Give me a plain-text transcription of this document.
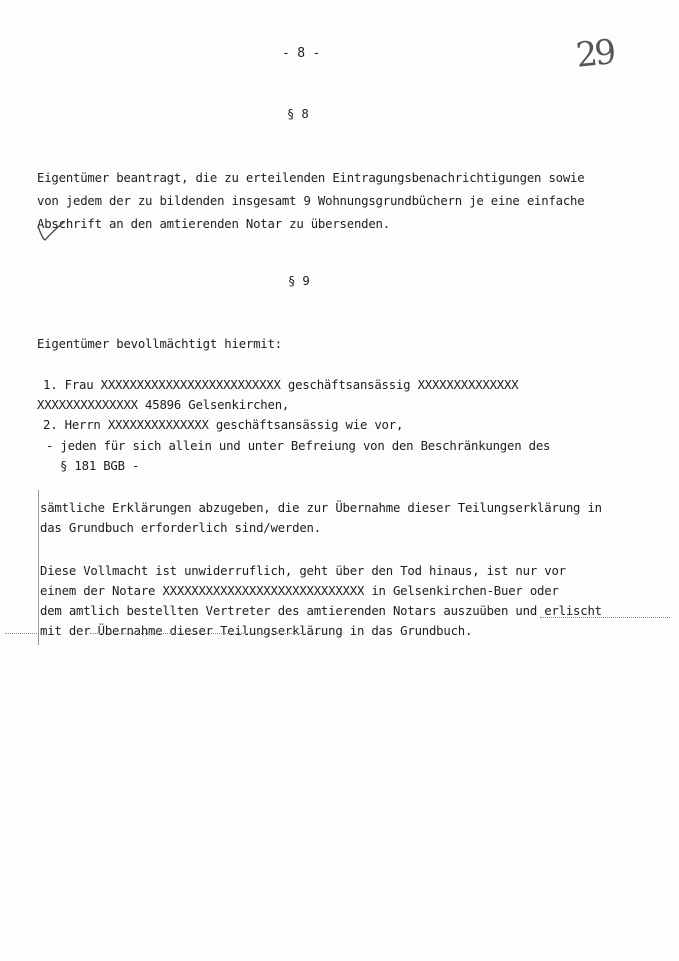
- 8 -	29
§ 8
Eigentümer beantragt, die zu erteilenden Eintragungsbenachrichtigungen sowie
von jedem der zu bildenden insgesamt 9 Wohnungsgrundbüchern je eine einfache
Abschrift an den amtierenden Notar zu übersenden.
§ 9
Eigentümer bevollmächtigt hiermit:
1. Frau XXXXXXXXXXXXXXXXXXXXXXXXX geschäftsansässig XXXXXXXXXXXXXX
XXXXXXXXXXXXXX 45896 Gelsenkirchen,
2. Herrn XXXXXXXXXXXXXX geschäftsansässig wie vor,
- jeden für sich allein und unter Befreiung von den Beschränkungen des
§ 181 BGB -
sämtliche Erklärungen abzugeben, die zur Übernahme dieser Teilungserklärung in
das Grundbuch erforderlich sind/werden.
Diese Vollmacht ist unwiderruflich, geht über den Tod hinaus, ist nur vor
einem der Notare XXXXXXXXXXXXXXXXXXXXXXXXXXXX in Gelsenkirchen-Buer oder
dem amtlich bestellten Vertreter des amtierenden Notars auszuüben und erlischt
mit der Übernahme dieser Teilungserklärung in das Grundbuch.
